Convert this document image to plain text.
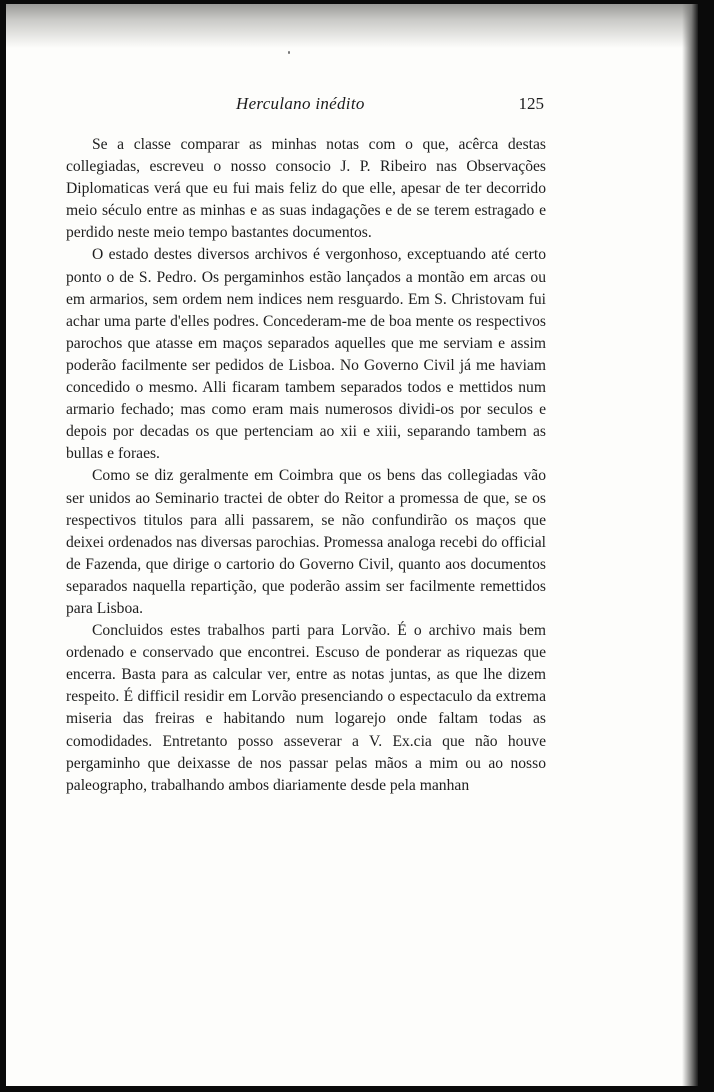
Herculano inédito	125

Se a classe comparar as minhas notas com o que, acêrca destas collegiadas, escreveu o nosso consocio J. P. Ribeiro nas Observações Diplomaticas verá que eu fui mais feliz do que elle, apesar de ter decorrido meio século entre as minhas e as suas indagações e de se terem estragado e perdido neste meio tempo bastantes documentos.

O estado destes diversos archivos é vergonhoso, exceptuando até certo ponto o de S. Pedro. Os pergaminhos estão lançados a montão em arcas ou em armarios, sem ordem nem indices nem resguardo. Em S. Christovam fui achar uma parte d'elles podres. Concederam-me de boa mente os respectivos parochos que atasse em maços separados aquelles que me serviam e assim poderão facilmente ser pedidos de Lisboa. No Governo Civil já me haviam concedido o mesmo. Alli ficaram tambem separados todos e mettidos num armario fechado; mas como eram mais numerosos dividi-os por seculos e depois por decadas os que pertenciam ao xii e xiii, separando tambem as bullas e foraes.

Como se diz geralmente em Coimbra que os bens das collegiadas vão ser unidos ao Seminario tractei de obter do Reitor a promessa de que, se os respectivos titulos para alli passarem, se não confundirão os maços que deixei ordenados nas diversas parochias. Promessa analoga recebi do official de Fazenda, que dirige o cartorio do Governo Civil, quanto aos documentos separados naquella repartição, que poderão assim ser facilmente remettidos para Lisboa.

Concluidos estes trabalhos parti para Lorvão. É o archivo mais bem ordenado e conservado que encontrei. Escuso de ponderar as riquezas que encerra. Basta para as calcular ver, entre as notas juntas, as que lhe dizem respeito. É difficil residir em Lorvão presenciando o espectaculo da extrema miseria das freiras e habitando num logarejo onde faltam todas as comodidades. Entretanto posso asseverar a V. Ex.cia que não houve pergaminho que deixasse de nos passar pelas mãos a mim ou ao nosso paleographo, trabalhando ambos diariamente desde pela manhan
